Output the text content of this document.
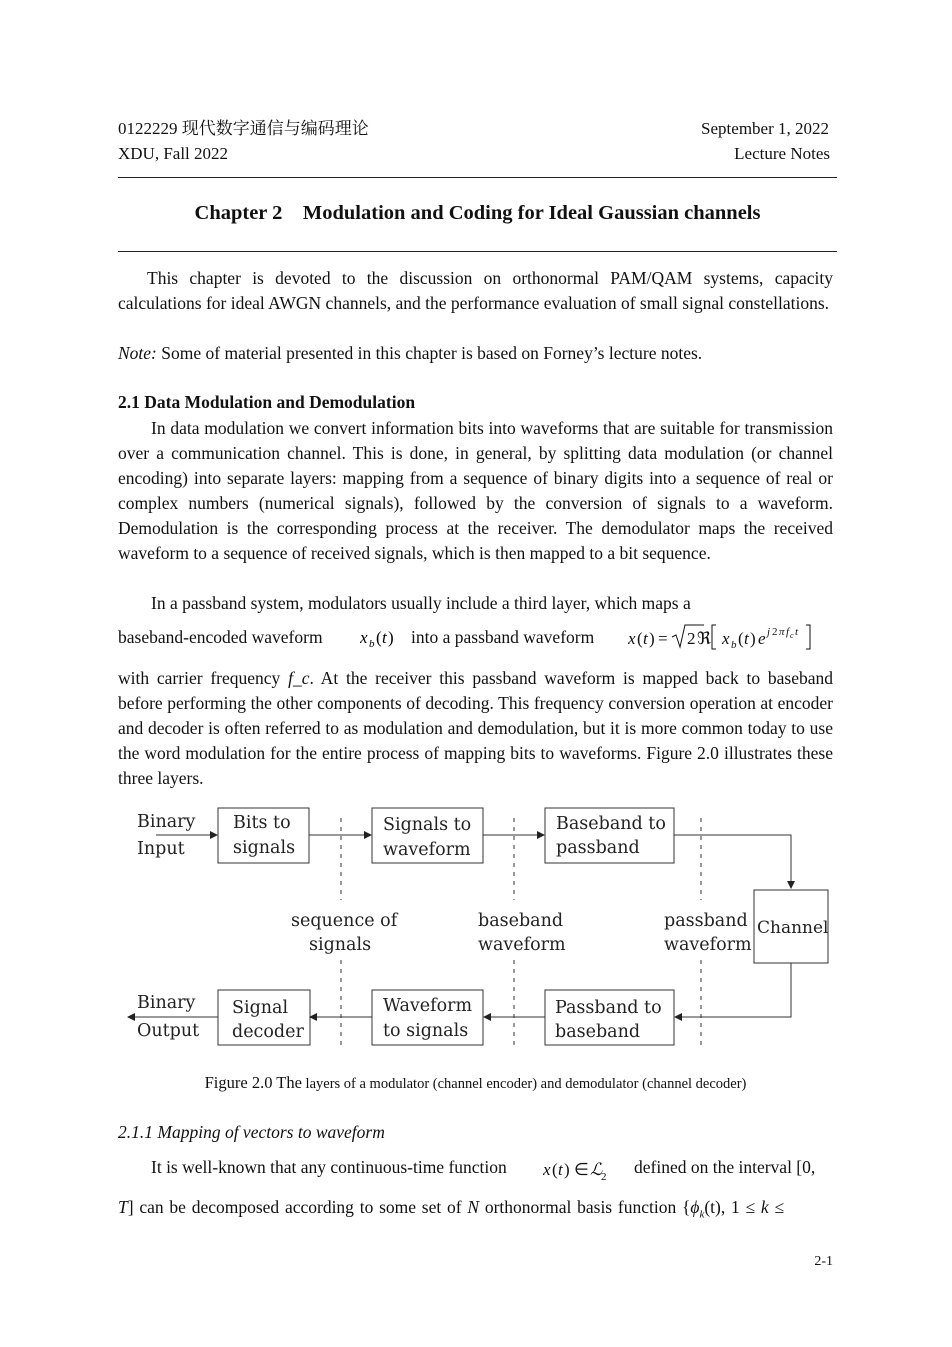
0122229 现代数字通信与编码理论	September 1, 2022
XDU, Fall 2022	Lecture Notes
Chapter 2    Modulation and Coding for Ideal Gaussian channels
This chapter is devoted to the discussion on orthonormal PAM/QAM systems, capacity calculations for ideal AWGN channels, and the performance evaluation of small signal constellations.
Note: Some of material presented in this chapter is based on Forney’s lecture notes.
2.1 Data Modulation and Demodulation
In data modulation we convert information bits into waveforms that are suitable for transmission over a communication channel. This is done, in general, by splitting data modulation (or channel encoding) into separate layers: mapping from a sequence of binary digits into a sequence of real or complex numbers (numerical signals), followed by the conversion of signals to a waveform. Demodulation is the corresponding process at the receiver. The demodulator maps the received waveform to a sequence of received signals, which is then mapped to a bit sequence.
In a passband system, modulators usually include a third layer, which maps a
baseband-encoded waveform x b ( t ) into a passband waveform x ( t ) = 2 ℜ x b ( t ) e j 2 π f c t
with carrier frequency f_c. At the receiver this passband waveform is mapped back to baseband before performing the other components of decoding. This frequency conversion operation at encoder and decoder is often referred to as modulation and demodulation, but it is more common today to use the word modulation for the entire process of mapping bits to waveforms. Figure 2.0 illustrates these three layers.
Binary
Input
Bits to
signals
Signals to
waveform
Baseband to
passband
Channel
sequence of
signals
baseband
waveform
passband
waveform
Binary
Output
Signal
decoder
Waveform
to signals
Passband to
baseband
Figure 2.0 The layers of a modulator (channel encoder) and demodulator (channel decoder)
2.1.1 Mapping of vectors to waveform
It is well-known that any continuous-time function x ( t ) ∈ ℒ
2 defined on the interval [0,
T] can be decomposed according to some set of N orthonormal basis function {$\phi_k(t)$, 1 ≤ k ≤
2-1
